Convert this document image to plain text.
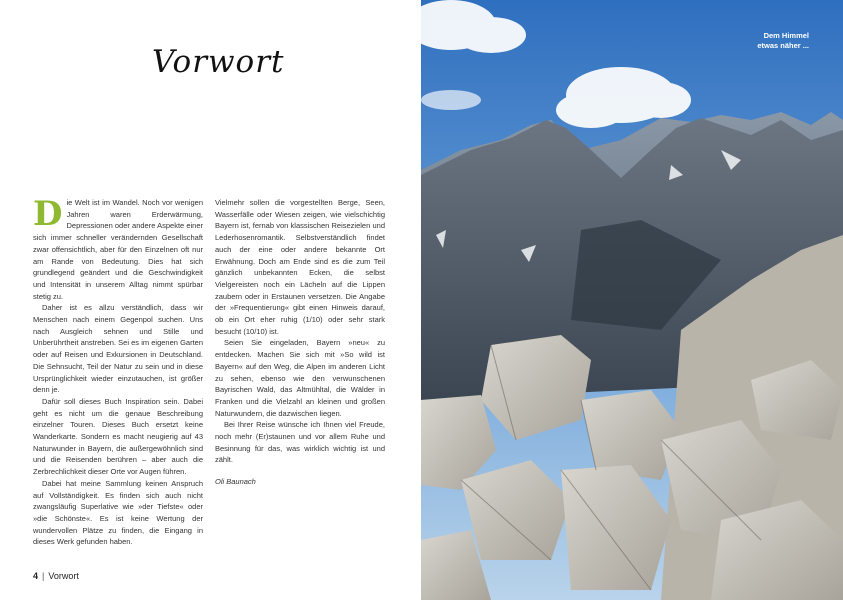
Vorwort

Die Welt ist im Wandel. Noch vor wenigen Jahren waren Erderwärmung, Depressionen oder andere Aspekte einer sich immer schneller verändernden Gesellschaft zwar offensichtlich, aber für den Einzelnen oft nur am Rande von Bedeutung. Dies hat sich grundlegend geändert und die Geschwindigkeit und Intensität in unserem Alltag nimmt spürbar stetig zu.

Daher ist es allzu verständlich, dass wir Menschen nach einem Gegenpol suchen. Uns nach Ausgleich sehnen und Stille und Unberührtheit anstreben. Sei es im eigenen Garten oder auf Reisen und Exkursionen in Deutschland. Die Sehnsucht, Teil der Natur zu sein und in diese Ursprünglichkeit wieder einzutauchen, ist größer denn je.

Dafür soll dieses Buch Inspiration sein. Dabei geht es nicht um die genaue Beschreibung einzelner Touren. Dieses Buch ersetzt keine Wanderkarte. Sondern es macht neugierig auf 43 Naturwunder in Bayern, die außergewöhnlich sind und die Reisenden berühren – aber auch die Zerbrechlichkeit dieser Orte vor Augen führen.

Dabei hat meine Sammlung keinen Anspruch auf Vollständigkeit. Es finden sich auch nicht zwangsläufig Superlative wie »der Tiefste« oder »die Schönste«. Es ist keine Wertung der wundervollen Plätze zu finden, die Eingang in dieses Werk gefunden haben.

Vielmehr sollen die vorgestellten Berge, Seen, Wasserfälle oder Wiesen zeigen, wie vielschichtig Bayern ist, fernab von klassischen Reisezielen und Lederhosenromantik. Selbstverständlich findet auch der eine oder andere bekannte Ort Erwähnung. Doch am Ende sind es die zum Teil gänzlich unbekannten Ecken, die selbst Vielgereisten noch ein Lächeln auf die Lippen zaubern oder in Erstaunen versetzen. Die Angabe der »Frequentierung« gibt einen Hinweis darauf, ob ein Ort eher ruhig (1/10) oder sehr stark besucht (10/10) ist.

Seien Sie eingeladen, Bayern »neu« zu entdecken. Machen Sie sich mit »So wild ist Bayern« auf den Weg, die Alpen im anderen Licht zu sehen, ebenso wie den verwunschenen Bayrischen Wald, das Altmühltal, die Wälder in Franken und die Vielzahl an kleinen und großen Naturwundern, die dazwischen liegen.

Bei Ihrer Reise wünsche ich Ihnen viel Freude, noch mehr (Er)staunen und vor allem Ruhe und Besinnung für das, was wirklich wichtig ist und zählt.

Oli Baunach

4 | Vorwort
Dem Himmel
etwas näher ...
